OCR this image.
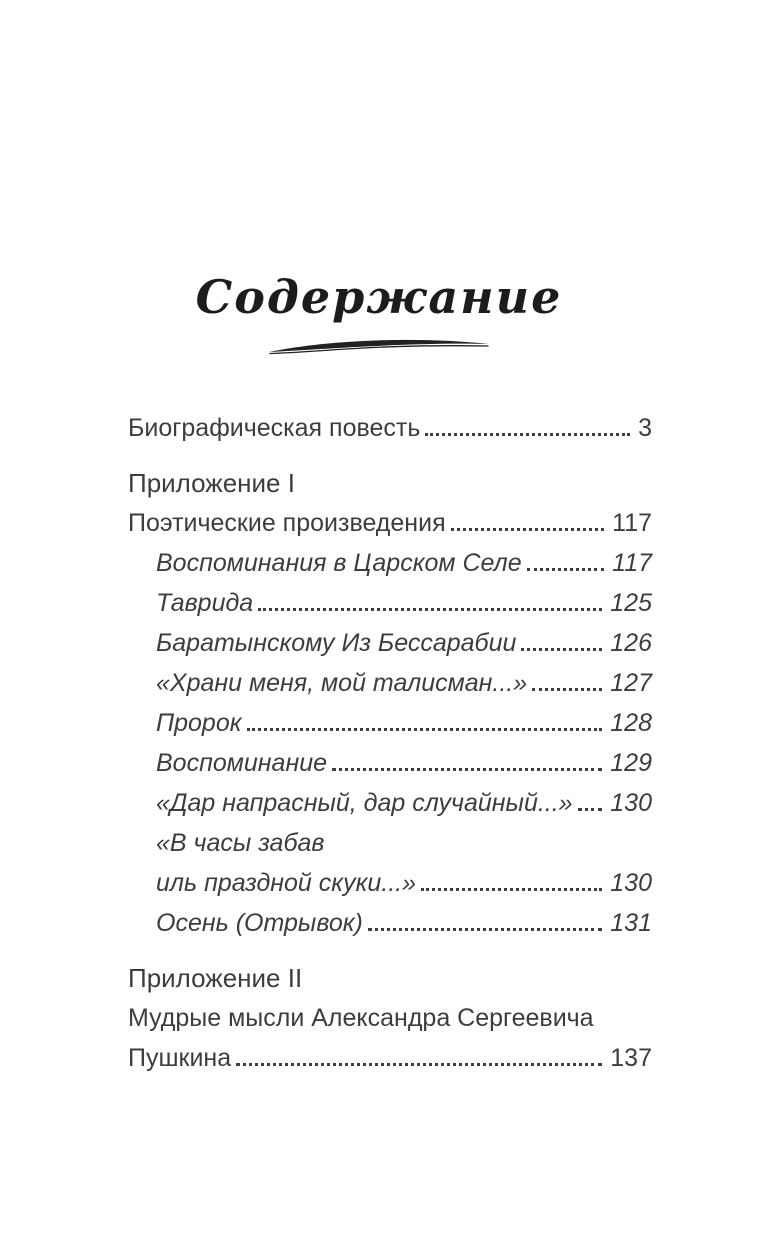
Содержание
Биографическая повесть	3
Приложение I
Поэтические произведения	117
Воспоминания в Царском Селе	117
Таврида	125
Баратынскому Из Бессарабии	126
«Храни меня, мой талисман...»	127
Пророк	128
Воспоминание	129
«Дар напрасный, дар случайный...» 130
«В часы забав
иль праздной скуки...»	130
Осень (Отрывок)	131
Приложение II
Мудрые мысли Александра Сергеевича
Пушкина	137
